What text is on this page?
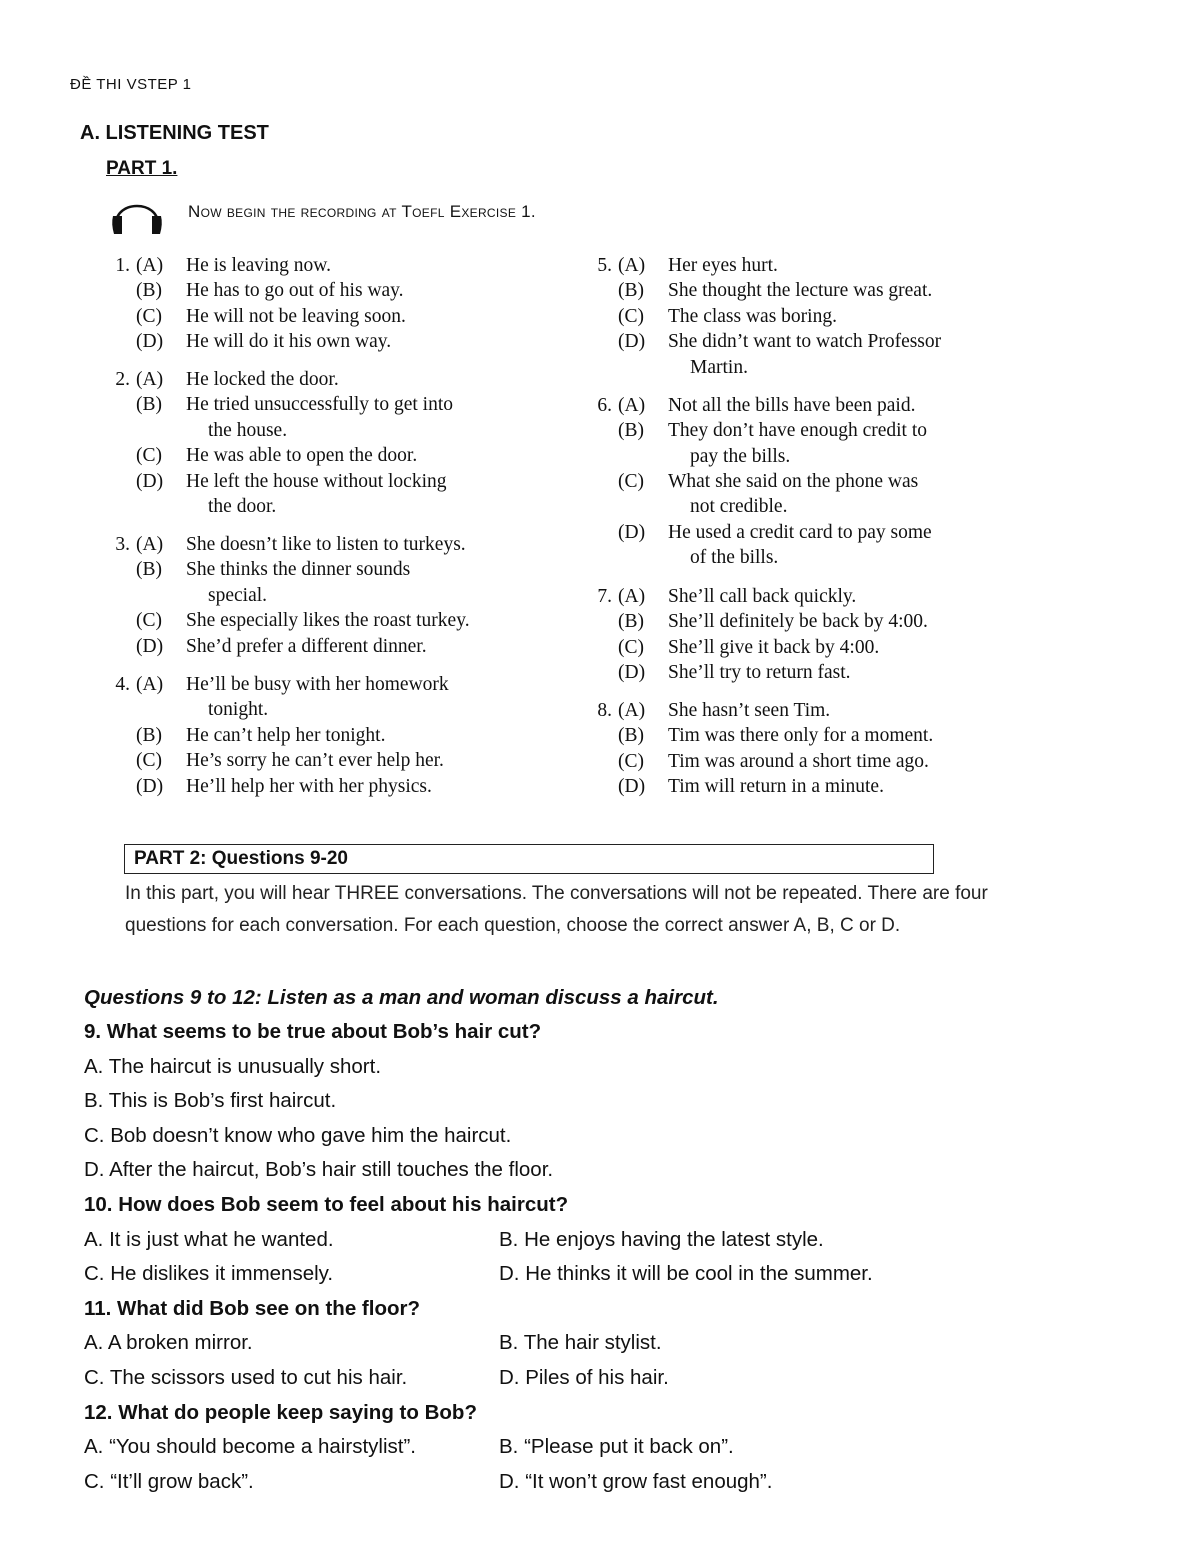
ĐỀ THI VSTEP 1
A. LISTENING TEST
PART 1.
Now begin the recording at Toefl Exercise 1.
1. (A) He is leaving now.
(B) He has to go out of his way.
(C) He will not be leaving soon.
(D) He will do it his own way.
2. (A) He locked the door.
(B) He tried unsuccessfully to get into
the house.
(C) He was able to open the door.
(D) He left the house without locking
the door.
3. (A) She doesn’t like to listen to turkeys.
(B) She thinks the dinner sounds
special.
(C) She especially likes the roast turkey.
(D) She’d prefer a different dinner.
4. (A) He’ll be busy with her homework
tonight.
(B) He can’t help her tonight.
(C) He’s sorry he can’t ever help her.
(D) He’ll help her with her physics.
5. (A) Her eyes hurt.
(B) She thought the lecture was great.
(C) The class was boring.
(D) She didn’t want to watch Professor
Martin.
6. (A) Not all the bills have been paid.
(B) They don’t have enough credit to
pay the bills.
(C) What she said on the phone was
not credible.
(D) He used a credit card to pay some
of the bills.
7. (A) She’ll call back quickly.
(B) She’ll definitely be back by 4:00.
(C) She’ll give it back by 4:00.
(D) She’ll try to return fast.
8. (A) She hasn’t seen Tim.
(B) Tim was there only for a moment.
(C) Tim was around a short time ago.
(D) Tim will return in a minute.
PART 2: Questions 9-20
In this part, you will hear THREE conversations. The conversations will not be repeated. There are four questions for each conversation. For each question, choose the correct answer A, B, C or D.
Questions 9 to 12: Listen as a man and woman discuss a haircut.
9. What seems to be true about Bob’s hair cut?
A. The haircut is unusually short.
B. This is Bob’s first haircut.
C. Bob doesn’t know who gave him the haircut.
D. After the haircut, Bob’s hair still touches the floor.
10. How does Bob seem to feel about his haircut?
A. It is just what he wanted.	B. He enjoys having the latest style.
C. He dislikes it immensely.	D. He thinks it will be cool in the summer.
11. What did Bob see on the floor?
A. A broken mirror.	B. The hair stylist.
C. The scissors used to cut his hair.	D. Piles of his hair.
12. What do people keep saying to Bob?
A. “You should become a hairstylist”.	B. “Please put it back on”.
C. “It’ll grow back”.	D. “It won’t grow fast enough”.
